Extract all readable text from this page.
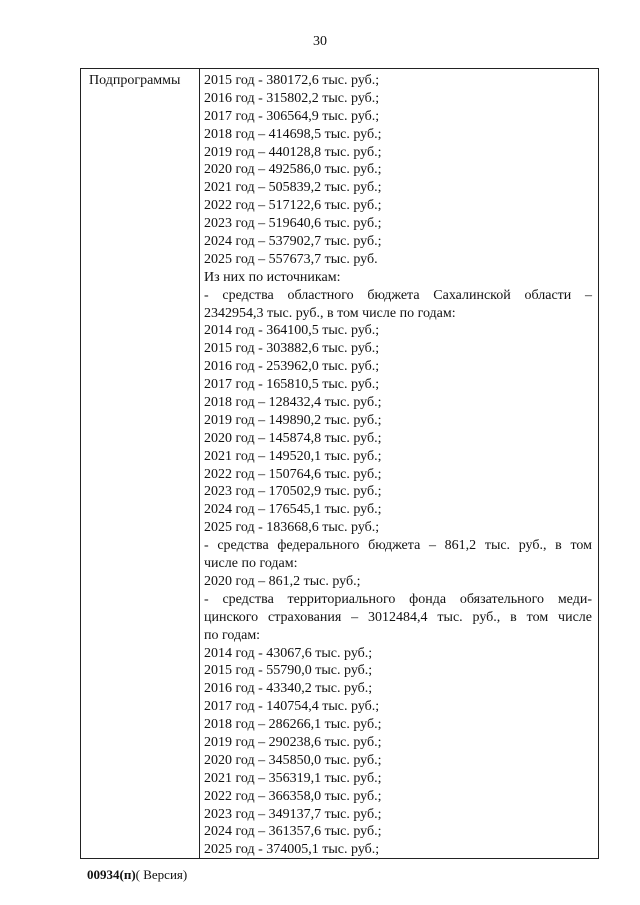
30
Подпрограммы 2015 год - 380172,6 тыс. руб.;
2016 год - 315802,2 тыс. руб.;
2017 год - 306564,9 тыс. руб.;
2018 год – 414698,5 тыс. руб.;
2019 год – 440128,8 тыс. руб.;
2020 год – 492586,0 тыс. руб.;
2021 год – 505839,2 тыс. руб.;
2022 год – 517122,6 тыс. руб.;
2023 год – 519640,6 тыс. руб.;
2024 год – 537902,7 тыс. руб.;
2025 год – 557673,7 тыс. руб.
Из них по источникам:
- средства областного бюджета Сахалинской области –
2342954,3 тыс. руб., в том числе по годам:
2014 год - 364100,5 тыс. руб.;
2015 год - 303882,6 тыс. руб.;
2016 год - 253962,0 тыс. руб.;
2017 год - 165810,5 тыс. руб.;
2018 год – 128432,4 тыс. руб.;
2019 год – 149890,2 тыс. руб.;
2020 год – 145874,8 тыс. руб.;
2021 год – 149520,1 тыс. руб.;
2022 год – 150764,6 тыс. руб.;
2023 год – 170502,9 тыс. руб.;
2024 год – 176545,1 тыс. руб.;
2025 год - 183668,6 тыс. руб.;
- средства федерального бюджета – 861,2 тыс. руб., в том
числе по годам:
2020 год – 861,2 тыс. руб.;
- средства территориального фонда обязательного меди-
цинского страхования – 3012484,4 тыс. руб., в том числе
по годам:
2014 год - 43067,6 тыс. руб.;
2015 год - 55790,0 тыс. руб.;
2016 год - 43340,2 тыс. руб.;
2017 год - 140754,4 тыс. руб.;
2018 год – 286266,1 тыс. руб.;
2019 год – 290238,6 тыс. руб.;
2020 год – 345850,0 тыс. руб.;
2021 год – 356319,1 тыс. руб.;
2022 год – 366358,0 тыс. руб.;
2023 год – 349137,7 тыс. руб.;
2024 год – 361357,6 тыс. руб.;
2025 год - 374005,1 тыс. руб.;
00934(п)( Версия)
